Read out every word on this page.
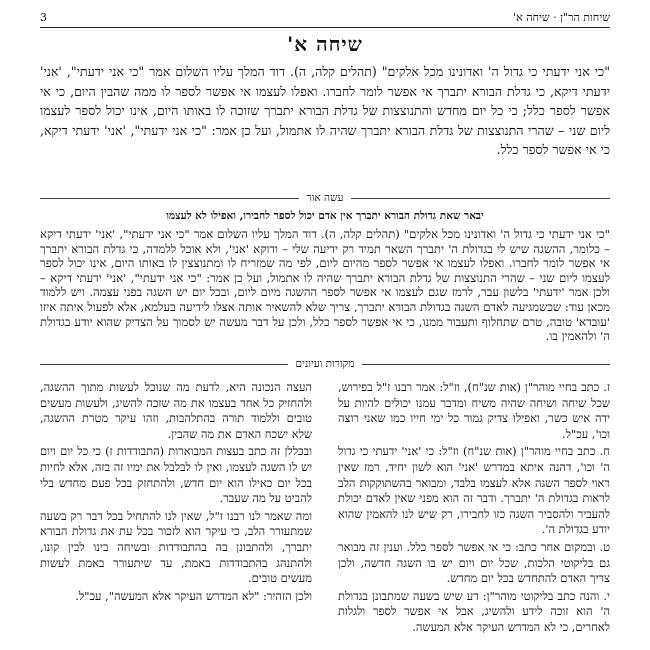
3	שיחות הר"ן · שיחה א'
שיחה א'
"כי אני ידעתי כי גדול ה' ואדונינו מכל אלקים" (תהלים קלה, ה). דוד המלך עליו השלום אמר "כי אני ידעתי", 'אני' ידעתי דיקא, כי גדלת הבורא יתברך אי אפשר לומר לחברו. ואפלו לעצמו אי אפשר לספר לו ממה שהבין היום, כי אי אפשר לספר כלל; כי כל יום מחדש והתנוצצות של גדלת הבורא יתברך שזוכה לו באותו היום, אינו יכול לספר לעצמו ליום שני – שהרי התנוצצות של גדלת הבורא יתברך שהיה לו אתמול, ועל כן אמר: "כי אני ידעתי", 'אני' ידעתי דיקא, כי אי אפשר לספר כלל.
עשה אור
יבאר שאת גדולת הבורא יתברך אין אדם יכול לספר לחבירו, ואפילו לא לעצמו
"כי אני ידעתי כי גדול ה' ואדונינו מכל אלקים" (תהלים קלה, ה). דוד המלך עליו השלום אמר "כי אני ידעתי", 'אני' ידעתי דיקא – כלומר, ההשגה שיש לי בגדולת ה' יתברך השאר תמיד רק ידיעה שלי – ודוקא 'אני', ולא אוכל ללמדה, כי גדלת הבורא יתברך אי אפשר לומר לחברו. ואפלו לעצמו אי אפשר לספר מהיום ליום, לפי מה שמזריח לו ומתנוצצין לו באותו היום, אינו יכול לספר לעצמו ליום שני – שהרי התנוצצות של גדלת הבורא יתברך שהיה לו אתמול, ועל כן אמר: "כי אני ידעתי", 'אני' ידעתי דיקא – ולכן אמר 'ידעתי' בלשון עבר, לרמז שגם לעצמו אי אפשר לספר ההשגה מיום ליום, ובכל יום יש השגה בפני עצמה. ויש ללמוד מכאן עוד: שכשמגיעה לאדם השגה בגדולת הבורא יתברך, צריך שלא להשאיר אותה אצלו לידיעה בעלמא, אלא לפעול איתה איזו 'עובדא' טובה, טרם שתחלוף ותעבור ממנו, כי אי אפשר לספר כלל, ולכן על דבר מעשה יש לסמוך על הצדיק שהוא יודע בגדולת ה' ולהאמין בו.
מקורות ועיונים

ז. כתב בחיי מוהר"ן (אות שנ"ח), וז"ל: אמר רבנו ז"ל בפירוש, שכל שיחה ושיחה שהיה משיח ומדבר עמנו יכולים להיות על ידה איש כשר, ואפילו צדיק גמור כל ימי חייו כמו שאני רוצה וכו', עכ"ל.

ח. כתב בחיי מוהר"ן (אות שנ"ח) וז"ל: כי 'אני' ידעתי כי גדול ה' וכו', דהנה איתא במדרש 'אני' הוא לשון יחיד, רמז שאין ראוי לספר השגה אלא לעצמו בלבד, ומבואר בהשתוקקות הלב לראות בגדולת ה' יתברך. ודבר זה הוא מפני שאין לאדם יכולת להעביר ולהסביר השגה כזו לחבירו, רק שיש לנו להאמין שהוא יודע בגדולת ה'.

ט. ובמקום אחר כתב: כי אי אפשר לספר כלל. וענין זה מבואר גם בליקוטי הלכות, שכל יום ויום יש בו השגה חדשה, ולכן צריך האדם להתחדש בכל יום מחדש.

י. והנה כתב בליקוטי מוהר"ן: דע שיש בשעה שמתבונן בגדולת ה' הוא זוכה לידע ולהשיג, אבל אי אפשר לספר ולגלות לאחרים, כי לא המדרש העיקר אלא המעשה.

העצה הנכונה היא, לדעת מה שנוכל לעשות מתוך ההשגה, ולהחזיק כל אחד בעצמו את מה שזכה להשיג, ולעשות מעשים טובים וללמוד תורה בהתלהבות, וזהו עיקר מטרת ההשגה, שלא ישכח האדם את מה שהבין.

ובכללן זה כתב בעצות המבוארות (התבודדות ז) כי כל יום ויום יש לו השגה לעצמו, ואין לו לבלבל את ימיו זה בזה, אלא לחיות בכל יום כאילו הוא יום חדש, ולהתחזק בכל פעם מחדש בלי להביט על מה שעבר.

ומה שאמר לנו רבנו ז"ל, שאין לנו להתחיל בכל דבר רק בשעה שמתעורר הלב, כי עיקר הוא לזכור בכל עת את גדולת הבורא יתברך, ולהתבונן בה בהתבודדות ובשיחה בינו לבין קונו, ולהתנהג בהתבודדות באמת, עד שיתעורר באמת לעשות מעשים טובים.

ולכן הזהיר: "לא המדרש העיקר אלא המעשה", עכ"ל.
